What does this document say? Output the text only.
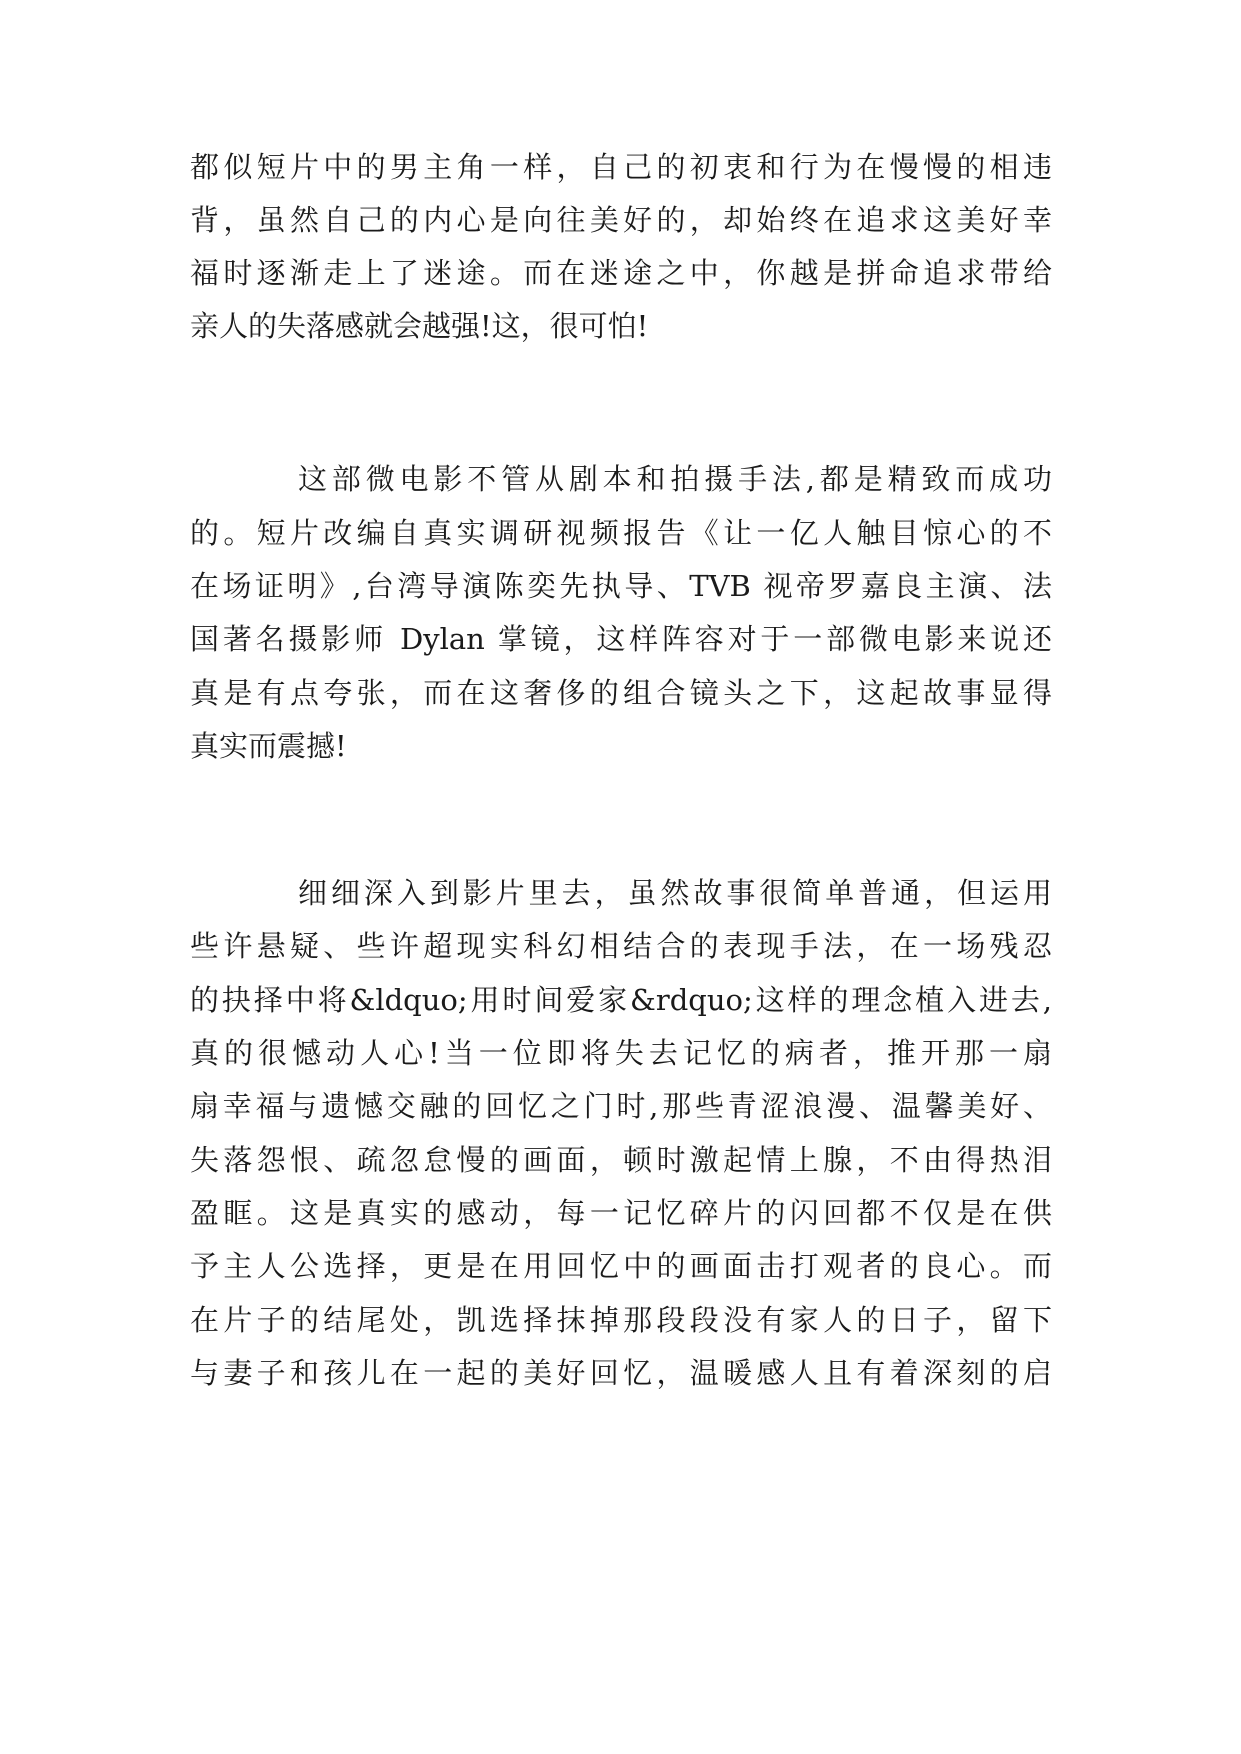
都似短片中的男主角一样，自己的初衷和行为在慢慢的相违
背，虽然自己的内心是向往美好的，却始终在追求这美好幸
福时逐渐走上了迷途。而在迷途之中，你越是拼命追求带给
亲人的失落感就会越强!这，很可怕!
这部微电影不管从剧本和拍摄手法,都是精致而成功
的。短片改编自真实调研视频报告《让一亿人触目惊心的不
在场证明》,台湾导演陈奕先执导、TVB 视帝罗嘉良主演、法
国著名摄影师 Dylan 掌镜，这样阵容对于一部微电影来说还
真是有点夸张，而在这奢侈的组合镜头之下，这起故事显得
真实而震撼!
细细深入到影片里去，虽然故事很简单普通，但运用
些许悬疑、些许超现实科幻相结合的表现手法，在一场残忍
的抉择中将&ldquo;用时间爱家&rdquo;这样的理念植入进去,
真的很憾动人心!当一位即将失去记忆的病者，推开那一扇
扇幸福与遗憾交融的回忆之门时,那些青涩浪漫、温馨美好、
失落怨恨、疏忽怠慢的画面，顿时激起情上腺，不由得热泪
盈眶。这是真实的感动，每一记忆碎片的闪回都不仅是在供
予主人公选择，更是在用回忆中的画面击打观者的良心。而
在片子的结尾处，凯选择抹掉那段段没有家人的日子，留下
与妻子和孩儿在一起的美好回忆，温暖感人且有着深刻的启
